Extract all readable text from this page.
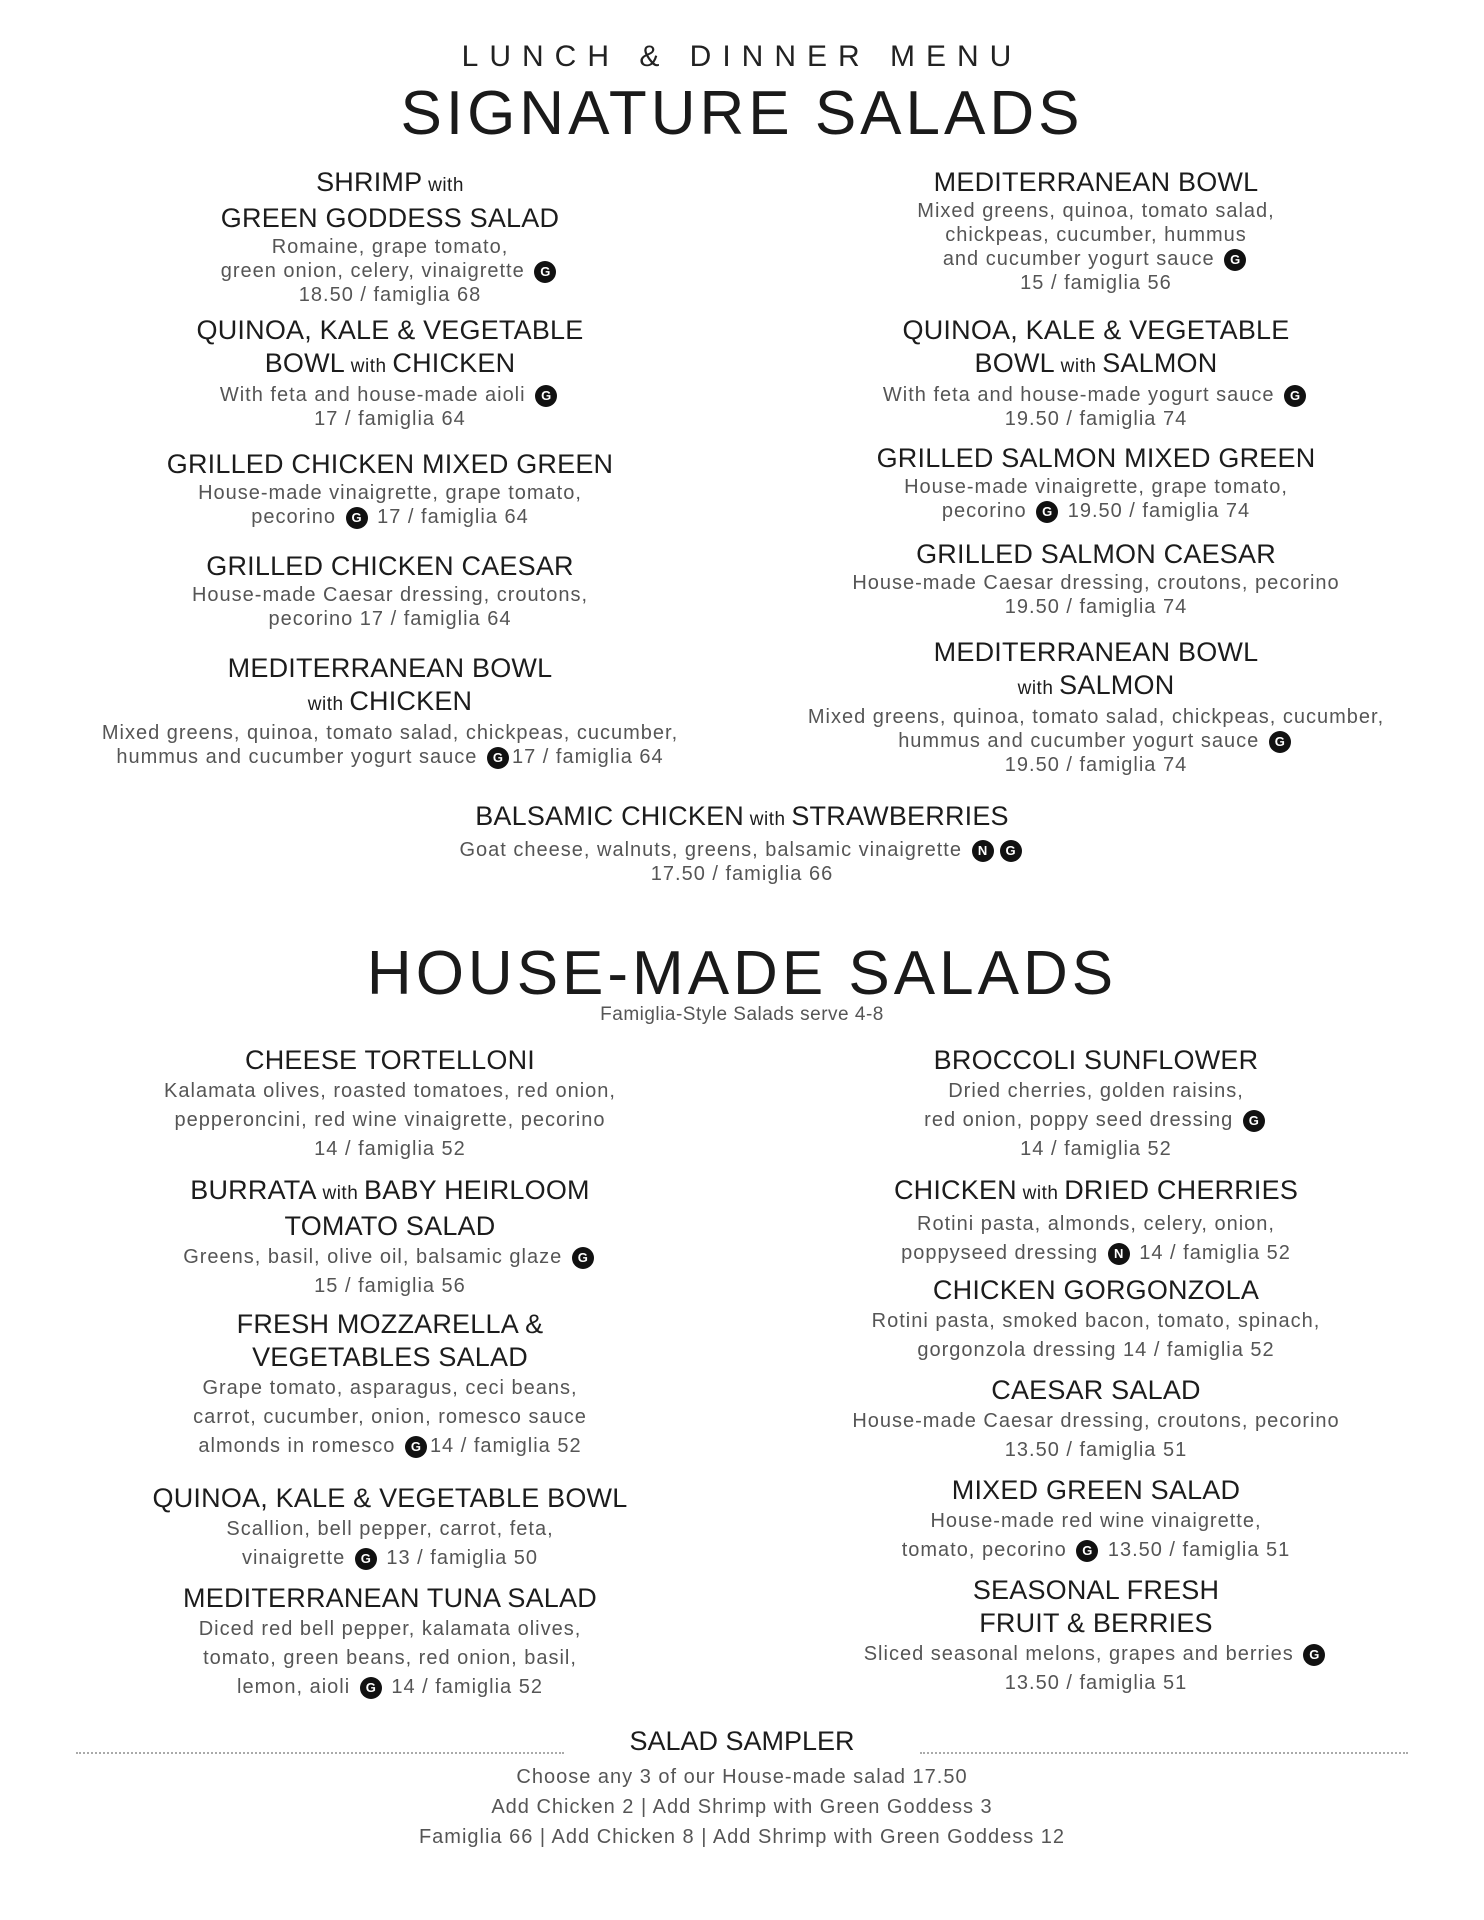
LUNCH & DINNER MENU
SIGNATURE SALADS
SHRIMP with
GREEN GODDESS SALAD
Romaine, grape tomato,
green onion, celery, vinaigrette G
18.50 / famiglia 68
QUINOA, KALE & VEGETABLE
BOWL with CHICKEN
With feta and house-made aioli G
17 / famiglia 64
GRILLED CHICKEN MIXED GREEN
House-made vinaigrette, grape tomato,
pecorino G 17 / famiglia 64
GRILLED CHICKEN CAESAR
House-made Caesar dressing, croutons,
pecorino 17 / famiglia 64
MEDITERRANEAN BOWL
with CHICKEN
Mixed greens, quinoa, tomato salad, chickpeas, cucumber,
hummus and cucumber yogurt sauce G 17 / famiglia 64
MEDITERRANEAN BOWL
Mixed greens, quinoa, tomato salad,
chickpeas, cucumber, hummus
and cucumber yogurt sauce G
15 / famiglia 56
QUINOA, KALE & VEGETABLE
BOWL with SALMON
With feta and house-made yogurt sauce G
19.50 / famiglia 74
GRILLED SALMON MIXED GREEN
House-made vinaigrette, grape tomato,
pecorino G 19.50 / famiglia 74
GRILLED SALMON CAESAR
House-made Caesar dressing, croutons, pecorino
19.50 / famiglia 74
MEDITERRANEAN BOWL
with SALMON
Mixed greens, quinoa, tomato salad, chickpeas, cucumber,
hummus and cucumber yogurt sauce G
19.50 / famiglia 74
BALSAMIC CHICKEN with STRAWBERRIES
Goat cheese, walnuts, greens, balsamic vinaigrette N G
17.50 / famiglia 66
HOUSE-MADE SALADS
Famiglia-Style Salads serve 4-8
CHEESE TORTELLONI
Kalamata olives, roasted tomatoes, red onion,
pepperoncini, red wine vinaigrette, pecorino
14 / famiglia 52
BURRATA with BABY HEIRLOOM
TOMATO SALAD
Greens, basil, olive oil, balsamic glaze G
15 / famiglia 56
FRESH MOZZARELLA &
VEGETABLES SALAD
Grape tomato, asparagus, ceci beans,
carrot, cucumber, onion, romesco sauce
almonds in romesco G 14 / famiglia 52
QUINOA, KALE & VEGETABLE BOWL
Scallion, bell pepper, carrot, feta,
vinaigrette G 13 / famiglia 50
MEDITERRANEAN TUNA SALAD
Diced red bell pepper, kalamata olives,
tomato, green beans, red onion, basil,
lemon, aioli G 14 / famiglia 52
BROCCOLI SUNFLOWER
Dried cherries, golden raisins,
red onion, poppy seed dressing G
14 / famiglia 52
CHICKEN with DRIED CHERRIES
Rotini pasta, almonds, celery, onion,
poppyseed dressing N 14 / famiglia 52
CHICKEN GORGONZOLA
Rotini pasta, smoked bacon, tomato, spinach,
gorgonzola dressing 14 / famiglia 52
CAESAR SALAD
House-made Caesar dressing, croutons, pecorino
13.50 / famiglia 51
MIXED GREEN SALAD
House-made red wine vinaigrette,
tomato, pecorino G 13.50 / famiglia 51
SEASONAL FRESH
FRUIT & BERRIES
Sliced seasonal melons, grapes and berries G
13.50 / famiglia 51
SALAD SAMPLER
Choose any 3 of our House-made salad 17.50
Add Chicken 2 | Add Shrimp with Green Goddess 3
Famiglia 66 | Add Chicken 8 | Add Shrimp with Green Goddess 12
